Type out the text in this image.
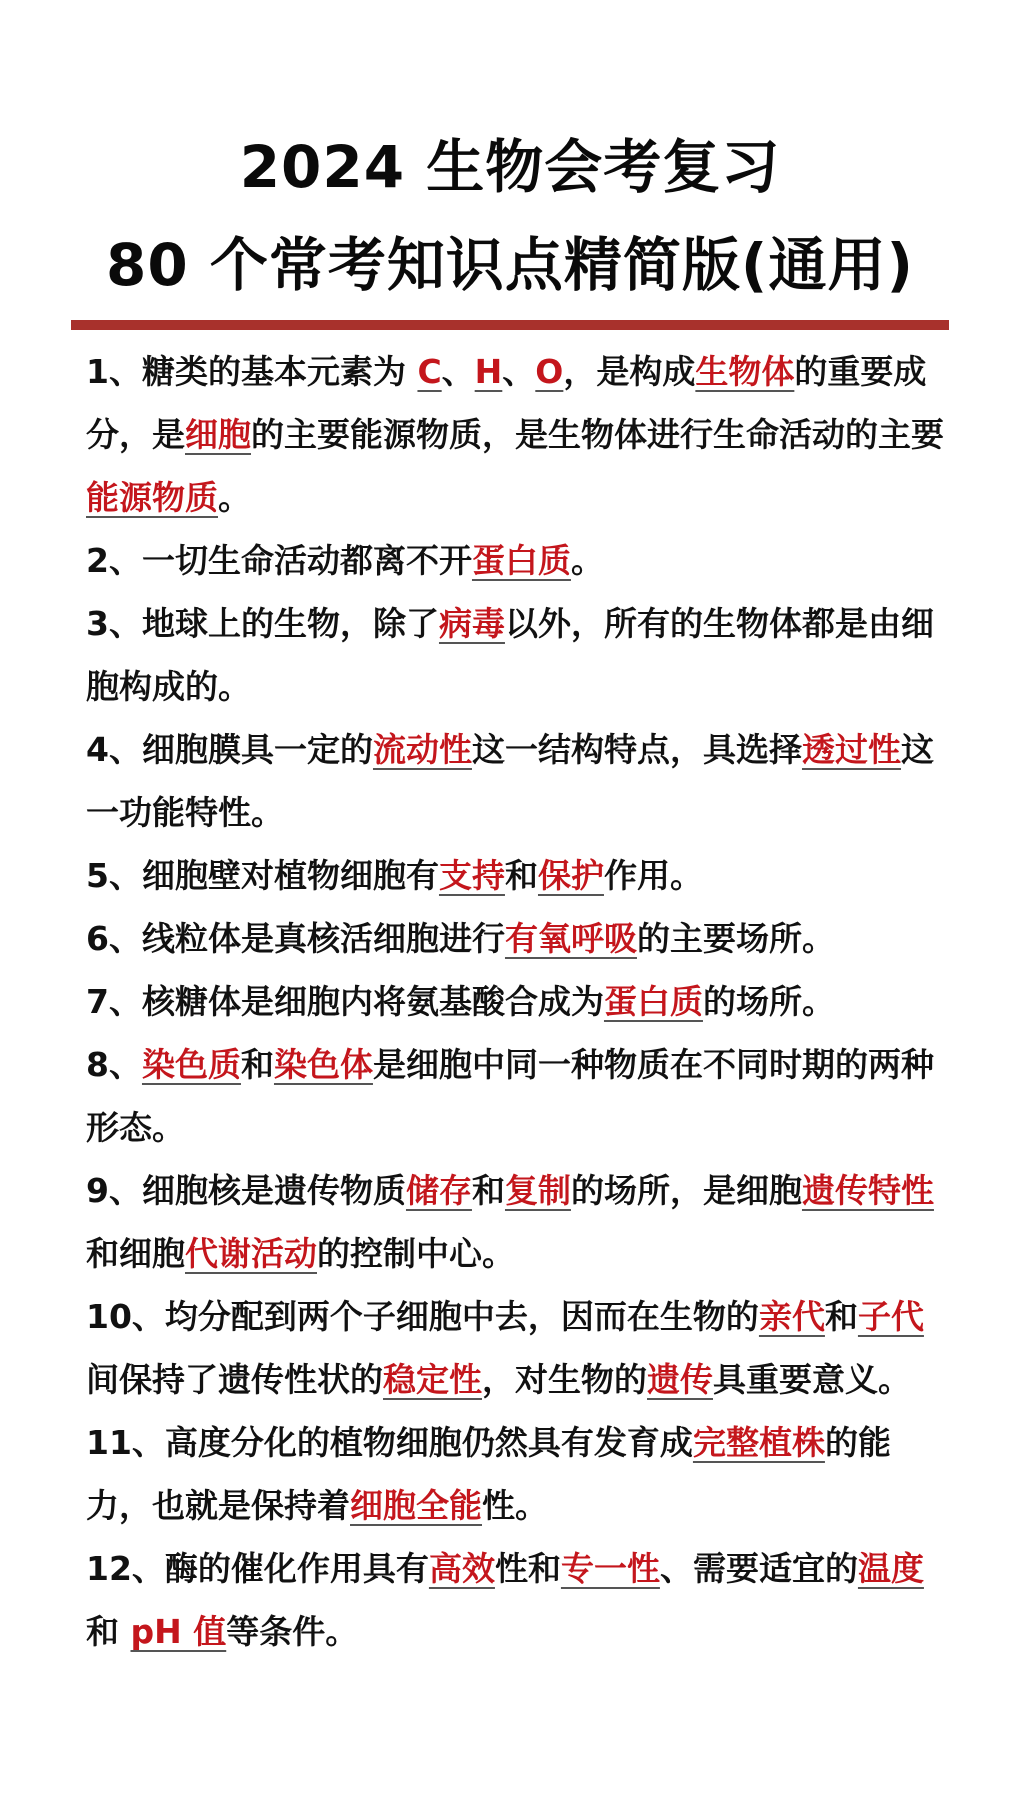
2024 生物会考复习
80 个常考知识点精简版(通用)

1、糖类的基本元素为 C、H、O，是构成生物体的重要成分，是细胞的主要能源物质，是生物体进行生命活动的主要能源物质。

2、一切生命活动都离不开蛋白质。

3、地球上的生物，除了病毒以外，所有的生物体都是由细胞构成的。

4、细胞膜具一定的流动性这一结构特点，具选择透过性这一功能特性。

5、细胞壁对植物细胞有支持和保护作用。

6、线粒体是真核活细胞进行有氧呼吸的主要场所。

7、核糖体是细胞内将氨基酸合成为蛋白质的场所。

8、染色质和染色体是细胞中同一种物质在不同时期的两种形态。

9、细胞核是遗传物质储存和复制的场所，是细胞遗传特性和细胞代谢活动的控制中心。

10、均分配到两个子细胞中去，因而在生物的亲代和子代间保持了遗传性状的稳定性，对生物的遗传具重要意义。

11、高度分化的植物细胞仍然具有发育成完整植株的能力，也就是保持着细胞全能性。

12、酶的催化作用具有高效性和专一性、需要适宜的温度和 pH 值等条件。
